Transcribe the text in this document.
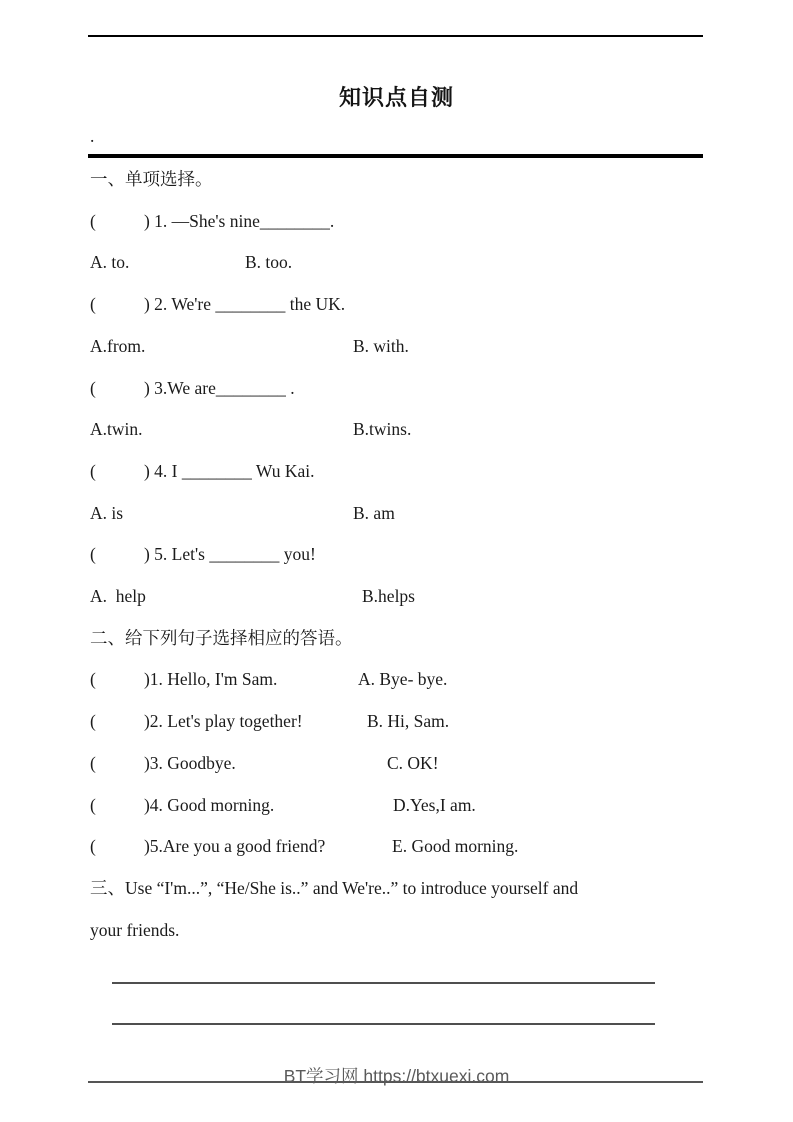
知识点自测
.

一、单项选择。

(           ) 1. —She's nine________.

A. to.	B. too.

(           ) 2. We're ________ the UK.

A.from.	B. with.

(           ) 3.We are________ .

A.twin.	B.twins.

(           ) 4. I ________ Wu Kai.

A. is	B. am

(           ) 5. Let's ________ you!

A.  help	B.helps

二、给下列句子选择相应的答语。

(           )1. Hello, I'm Sam.	A. Bye- bye.

(           )2. Let's play together!	B. Hi, Sam.

(           )3. Goodbye.	C. OK!

(           )4. Good morning.	D.Yes,I am.

(           )5.Are you a good friend?	E. Good morning.

三、Use “I'm...”, “He/She is..” and We're..” to introduce yourself and

your friends.

BT学习网 https://btxuexi.com
